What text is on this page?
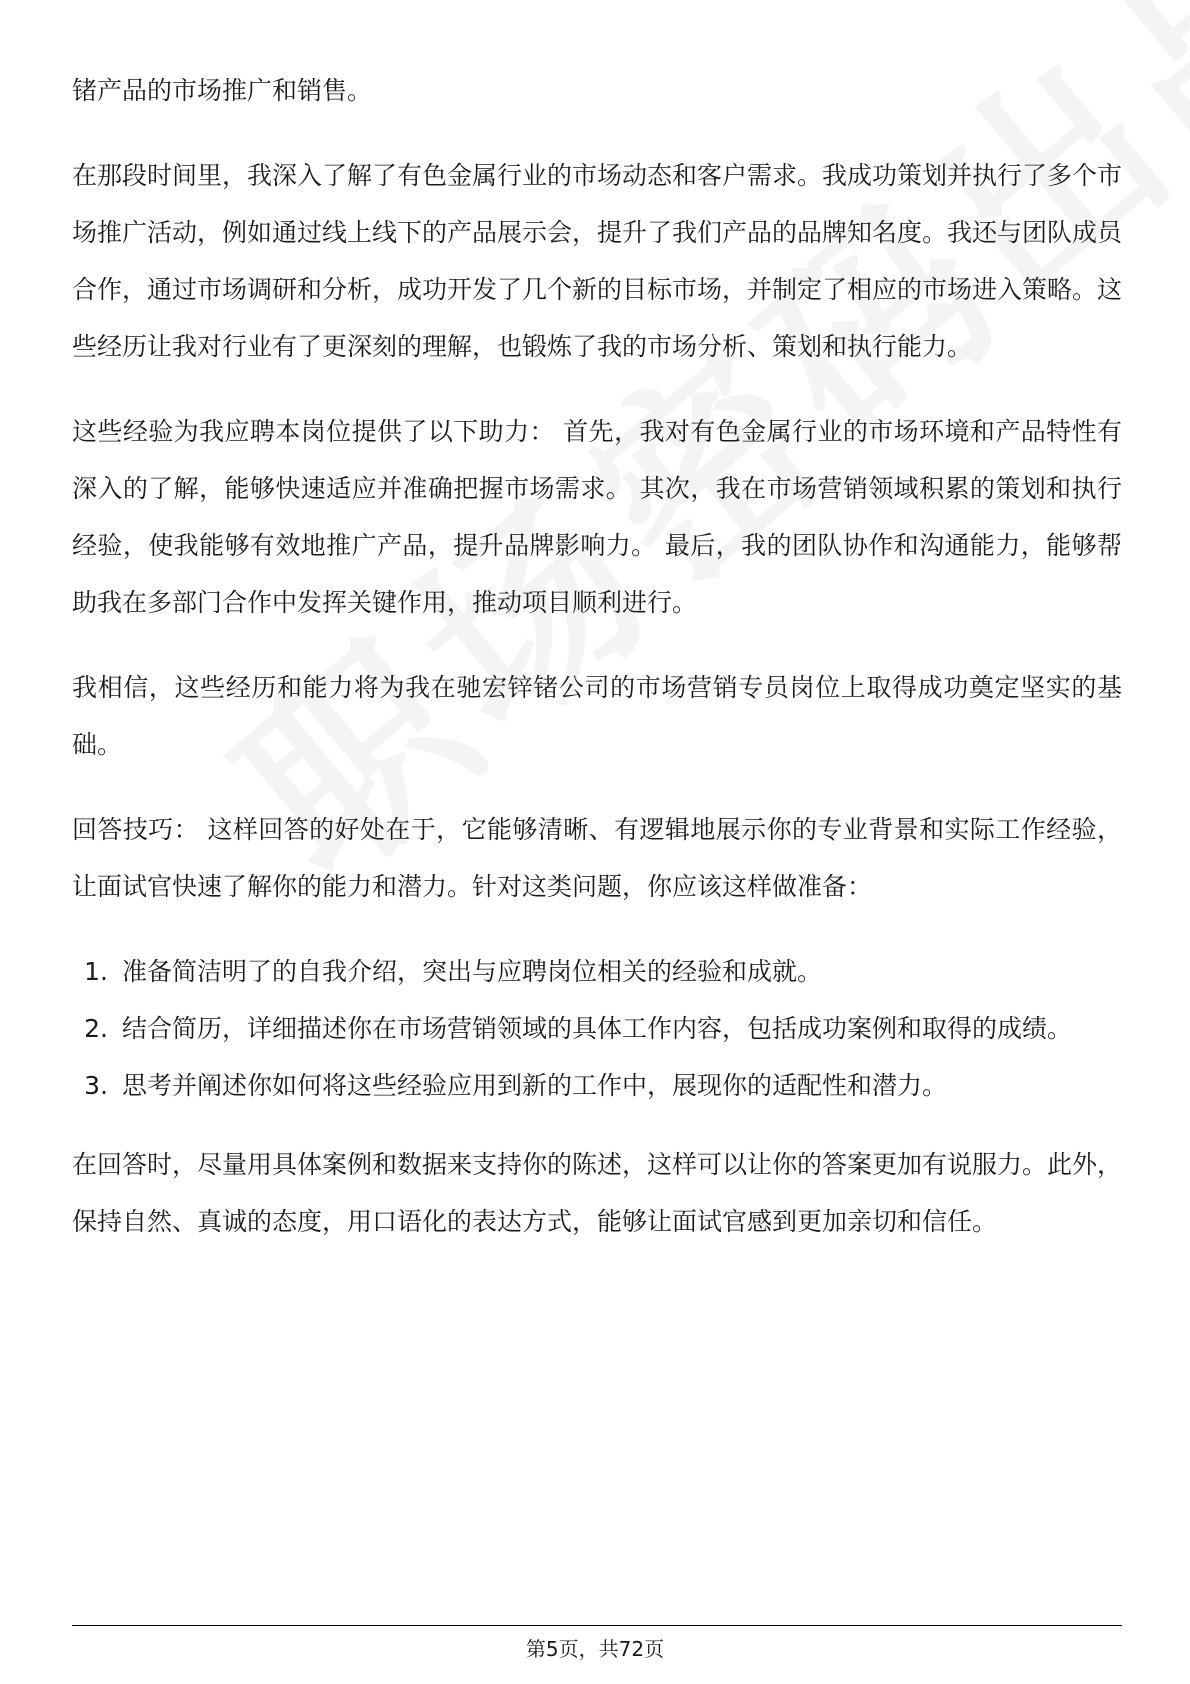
锗产品的市场推广和销售。

在那段时间里，我深入了解了有色金属行业的市场动态和客户需求。我成功策划并执行了多个市场推广活动，例如通过线上线下的产品展示会，提升了我们产品的品牌知名度。我还与团队成员合作，通过市场调研和分析，成功开发了几个新的目标市场，并制定了相应的市场进入策略。这些经历让我对行业有了更深刻的理解，也锻炼了我的市场分析、策划和执行能力。

这些经验为我应聘本岗位提供了以下助力： 首先，我对有色金属行业的市场环境和产品特性有深入的了解，能够快速适应并准确把握市场需求。 其次，我在市场营销领域积累的策划和执行经验，使我能够有效地推广产品，提升品牌影响力。 最后，我的团队协作和沟通能力，能够帮助我在多部门合作中发挥关键作用，推动项目顺利进行。

我相信，这些经历和能力将为我在驰宏锌锗公司的市场营销专员岗位上取得成功奠定坚实的基础。

回答技巧： 这样回答的好处在于，它能够清晰、有逻辑地展示你的专业背景和实际工作经验，让面试官快速了解你的能力和潜力。针对这类问题，你应该这样做准备：

1. 准备简洁明了的自我介绍，突出与应聘岗位相关的经验和成就。
2. 结合简历，详细描述你在市场营销领域的具体工作内容，包括成功案例和取得的成绩。
3. 思考并阐述你如何将这些经验应用到新的工作中，展现你的适配性和潜力。

在回答时，尽量用具体案例和数据来支持你的陈述，这样可以让你的答案更加有说服力。此外，保持自然、真诚的态度，用口语化的表达方式，能够让面试官感到更加亲切和信任。

第5页，共72页
